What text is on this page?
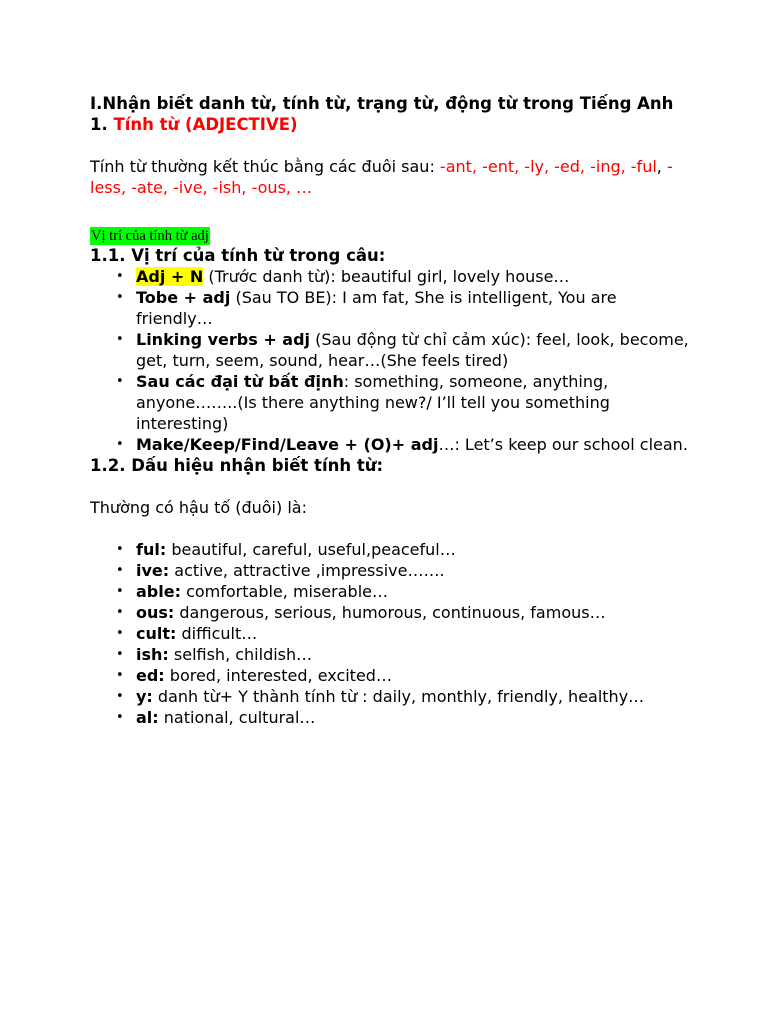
I.Nhận biết danh từ, tính từ, trạng từ, động từ trong Tiếng Anh

1. Tính từ (ADJECTIVE)

Tính từ thường kết thúc bằng các đuôi sau: -ant, -ent, -ly, -ed, -ing, -ful, -less, -ate, -ive, -ish, -ous, …

Vị trí của tính từ adj

1.1. Vị trí của tính từ trong câu:

• Adj + N (Trước danh từ): beautiful girl, lovely house…
• Tobe + adj (Sau TO BE): I am fat, She is intelligent, You are friendly…
• Linking verbs + adj (Sau động từ chỉ cảm xúc): feel, look, become, get, turn, seem, sound, hear…(She feels tired)
• Sau các đại từ bất định: something, someone, anything, anyone……..(Is there anything new?/ I’ll tell you something interesting)
• Make/Keep/Find/Leave + (O)+ adj…: Let’s keep our school clean.

1.2. Dấu hiệu nhận biết tính từ:

Thường có hậu tố (đuôi) là:

• ful: beautiful, careful, useful,peaceful…
• ive: active, attractive ,impressive…….
• able: comfortable, miserable…
• ous: dangerous, serious, humorous, continuous, famous…
• cult: difficult…
• ish: selfish, childish…
• ed: bored, interested, excited…
• y: danh từ+ Y thành tính từ : daily, monthly, friendly, healthy…
• al: national, cultural…
